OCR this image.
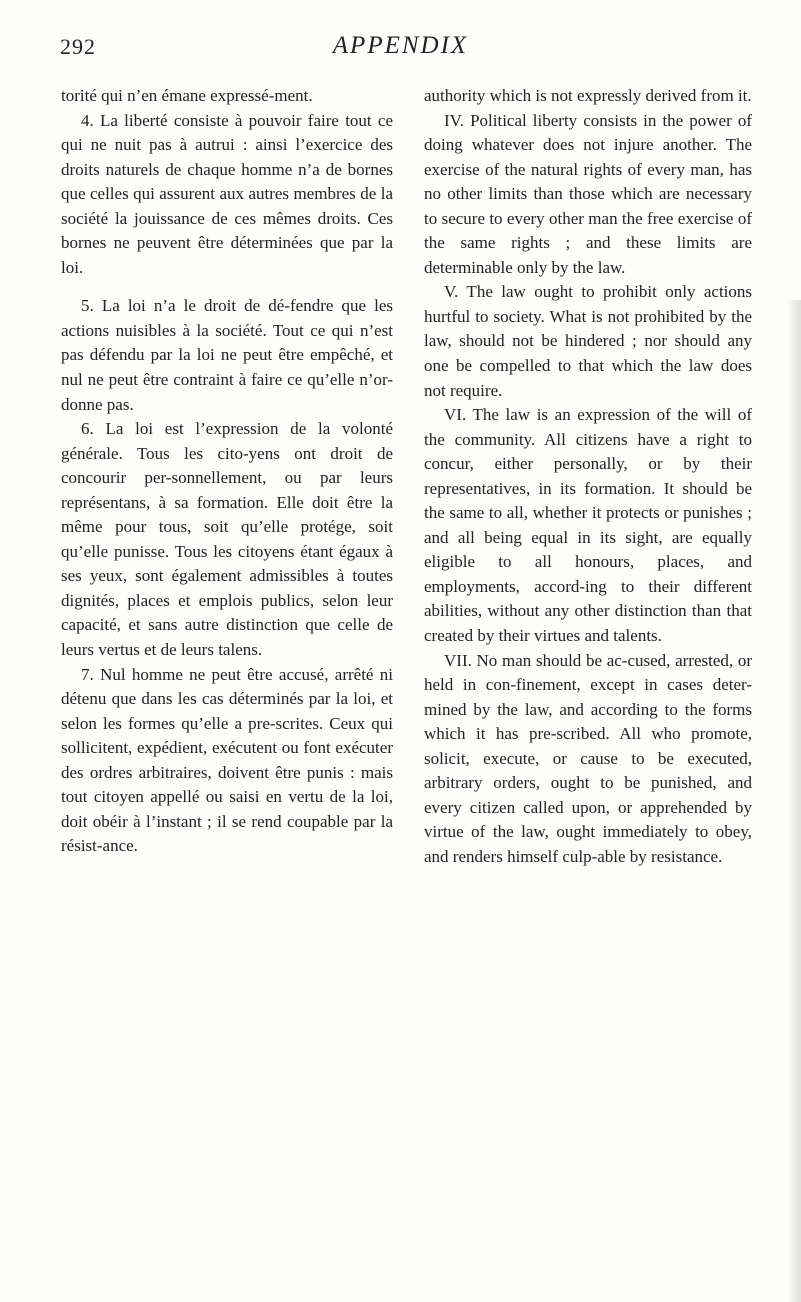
292	APPENDIX

torité qui n’en émane expressé-ment.

4. La liberté consiste à pouvoir faire tout ce qui ne nuit pas à autrui : ainsi l’exercice des droits naturels de chaque homme n’a de bornes que celles qui assurent aux autres membres de la société la jouissance de ces mêmes droits. Ces bornes ne peuvent être déterminées que par la loi.

5. La loi n’a le droit de dé-fendre que les actions nuisibles à la société. Tout ce qui n’est pas défendu par la loi ne peut être empêché, et nul ne peut être contraint à faire ce qu’elle n’or-donne pas.

6. La loi est l’expression de la volonté générale. Tous les cito-yens ont droit de concourir per-sonnellement, ou par leurs représentans, à sa formation. Elle doit être la même pour tous, soit qu’elle protége, soit qu’elle punisse. Tous les citoyens étant égaux à ses yeux, sont également admissibles à toutes dignités, places et emplois publics, selon leur capacité, et sans autre distinction que celle de leurs vertus et de leurs talens.

7. Nul homme ne peut être accusé, arrêté ni détenu que dans les cas déterminés par la loi, et selon les formes qu’elle a pre-scrites. Ceux qui sollicitent, expédient, exécutent ou font exécuter des ordres arbitraires, doivent être punis : mais tout citoyen appellé ou saisi en vertu de la loi, doit obéir à l’instant ; il se rend coupable par la résist-ance.

authority which is not expressly derived from it.

IV. Political liberty consists in the power of doing whatever does not injure another. The exercise of the natural rights of every man, has no other limits than those which are necessary to secure to every other man the free exercise of the same rights ; and these limits are determinable only by the law.

V. The law ought to prohibit only actions hurtful to society. What is not prohibited by the law, should not be hindered ; nor should any one be compelled to that which the law does not require.

VI. The law is an expression of the will of the community. All citizens have a right to concur, either personally, or by their representatives, in its formation. It should be the same to all, whether it protects or punishes ; and all being equal in its sight, are equally eligible to all honours, places, and employments, accord-ing to their different abilities, without any other distinction than that created by their virtues and talents.

VII. No man should be ac-cused, arrested, or held in con-finement, except in cases deter-mined by the law, and according to the forms which it has pre-scribed. All who promote, solicit, execute, or cause to be executed, arbitrary orders, ought to be punished, and every citizen called upon, or apprehended by virtue of the law, ought immediately to obey, and renders himself culp-able by resistance.
